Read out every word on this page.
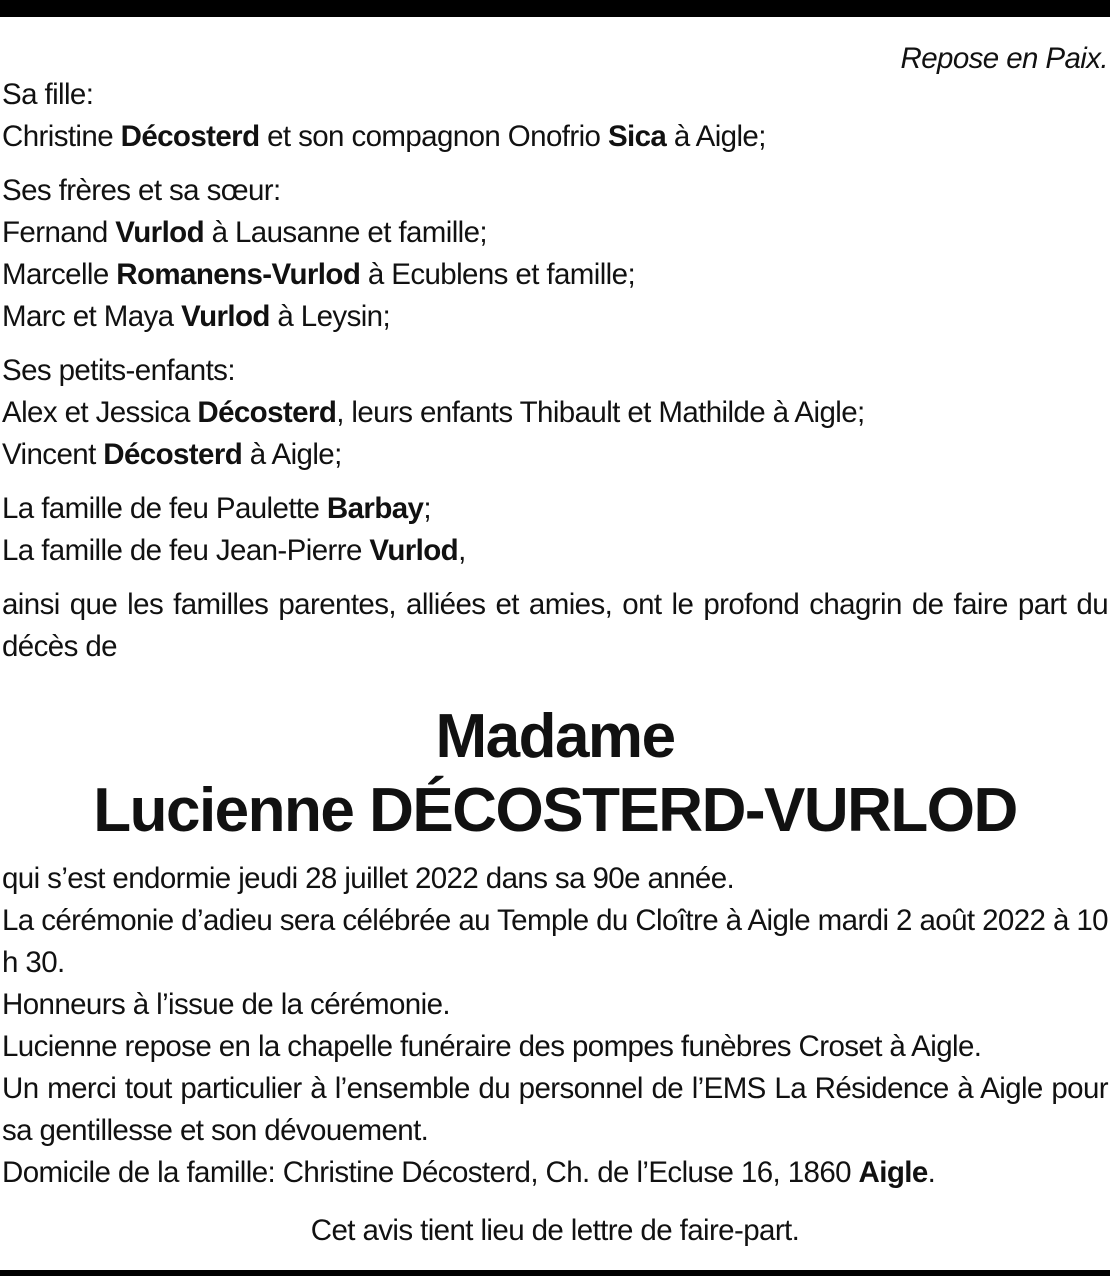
Repose en Paix.

Sa fille:

Christine Décosterd et son compagnon Onofrio Sica à Aigle;

Ses frères et sa sœur:

Fernand Vurlod à Lausanne et famille;

Marcelle Romanens-Vurlod à Ecublens et famille;

Marc et Maya Vurlod à Leysin;

Ses petits-enfants:

Alex et Jessica Décosterd, leurs enfants Thibault et Mathilde à Aigle;

Vincent Décosterd à Aigle;

La famille de feu Paulette Barbay;

La famille de feu Jean-Pierre Vurlod,

ainsi que les familles parentes, alliées et amies, ont le profond chagrin de faire part du décès de

Madame
Lucienne DÉCOSTERD-VURLOD

qui s’est endormie jeudi 28 juillet 2022 dans sa 90e année.

La cérémonie d’adieu sera célébrée au Temple du Cloître à Aigle mardi 2 août 2022 à 10 h 30.

Honneurs à l’issue de la cérémonie.

Lucienne repose en la chapelle funéraire des pompes funèbres Croset à Aigle.

Un merci tout particulier à l’ensemble du personnel de l’EMS La Résidence à Aigle pour sa gentillesse et son dévouement.

Domicile de la famille: Christine Décosterd, Ch. de l’Ecluse 16, 1860 Aigle.

Cet avis tient lieu de lettre de faire-part.
